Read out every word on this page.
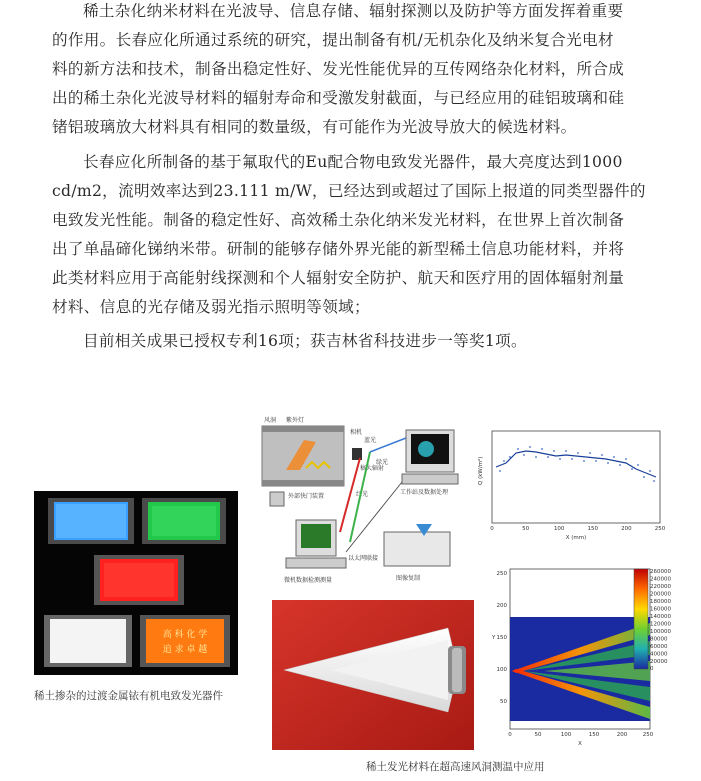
稀土杂化纳米材料在光波导、信息存储、辐射探测以及防护等方面发挥着重要
的作用。长春应化所通过系统的研究，提出制备有机/无机杂化及纳米复合光电材
料的新方法和技术，制备出稳定性好、发光性能优异的互传网络杂化材料，所合成
出的稀土杂化光波导材料的辐射寿命和受激发射截面，与已经应用的硅铝玻璃和硅
锗铝玻璃放大材料具有相同的数量级，有可能作为光波导放大的候选材料。
长春应化所制备的基于氟取代的Eu配合物电致发光器件，最大亮度达到1000
cd/m2，流明效率达到23.111 m/W，已经达到或超过了国际上报道的同类型器件的
电致发光性能。制备的稳定性好、高效稀土杂化纳米发光材料，在世界上首次制备
出了单晶碲化锑纳米带。研制的能够存储外界光能的新型稀土信息功能材料，并将
此类材料应用于高能射线探测和个人辐射安全防护、航天和医疗用的固体辐射剂量
材料、信息的光存储及弱光指示照明等领域；
目前相关成果已授权专利16项；获吉林省科技进步一等奖1项。
高 科 化 学
追 求 卓 越
稀土掺杂的过渡金属铱有机电致发光器件
风洞 紫外灯
相机
蓝光
稿大辐射
绿光
红光	工作站及数据处理
外部快门装置
微机数据检测测量
以太网联接
图像复制
Q (kW/m²)
0	50	100	150	200	250
X (mm)
260000
240000
220000
200000
180000
160000
140000
120000
100000
80000
60000
40000
20000
0
250
200
150
100
50
Y
0	50	100	150	200	250
X
稀土发光材料在超高速风洞测温中应用
